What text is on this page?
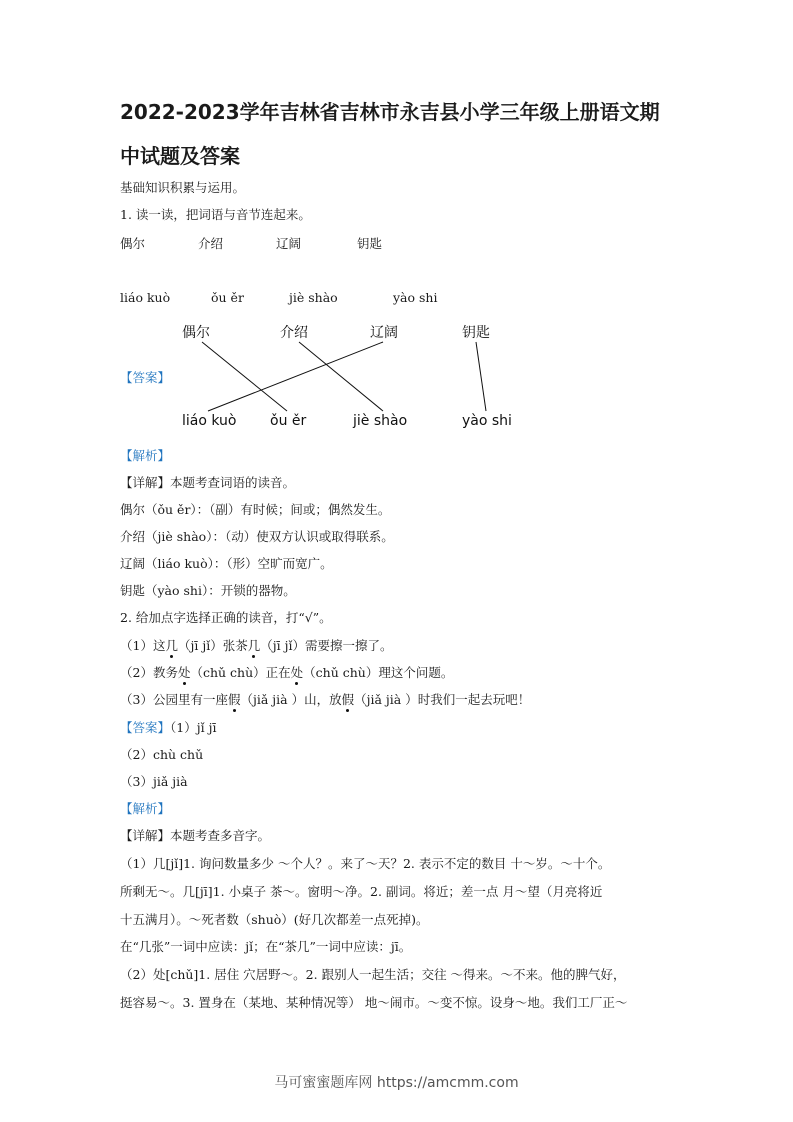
2022-2023学年吉林省吉林市永吉县小学三年级上册语文期
中试题及答案
基础知识积累与运用。
1. 读一读，把词语与音节连起来。
偶尔	介绍	辽阔	钥匙
liáo kuò	ǒu ěr	jiè shào	yào shi
【答案】
偶尔	介绍	辽阔	钥匙
liáo kuò ǒu ěr	jiè shào	yào shi
【解析】
【详解】本题考查词语的读音。
偶尔（ǒu ěr）：（副）有时候；间或；偶然发生。
介绍（jiè shào）：（动）使双方认识或取得联系。
辽阔（liáo kuò）：（形）空旷而宽广。
钥匙（yào shi）：开锁的器物。
2. 给加点字选择正确的读音，打“√”。
（1）这几（jī jǐ）张茶几（jī jǐ）需要擦一擦了。
（2）教务处（chǔ chù）正在处（chǔ chù）理这个问题。
（3）公园里有一座假（jiǎ jià ）山，放假（jiǎ jià ）时我们一起去玩吧！
【答案】（1）jǐ jī
（2）chù chǔ
（3）jiǎ jià
【解析】
【详解】本题考查多音字。
（1）几[jǐ]1. 询问数量多少 ～个人？。来了～天？2. 表示不定的数目 十～岁。～十个。
所剩无～。几[jī]1. 小桌子 茶～。窗明～净。2. 副词。将近；差一点 月～望（月亮将近
十五满月）。～死者数（shuò）(好几次都差一点死掉)。
在“几张”一词中应读：jǐ；在“茶几”一词中应读：jī。
（2）处[chǔ]1. 居住 穴居野～。2. 跟别人一起生活；交往 ～得来。～不来。他的脾气好，
挺容易～。3. 置身在（某地、某种情况等） 地～闹市。～变不惊。设身～地。我们工厂正～
马可蜜蜜题库网 https://amcmm.com
